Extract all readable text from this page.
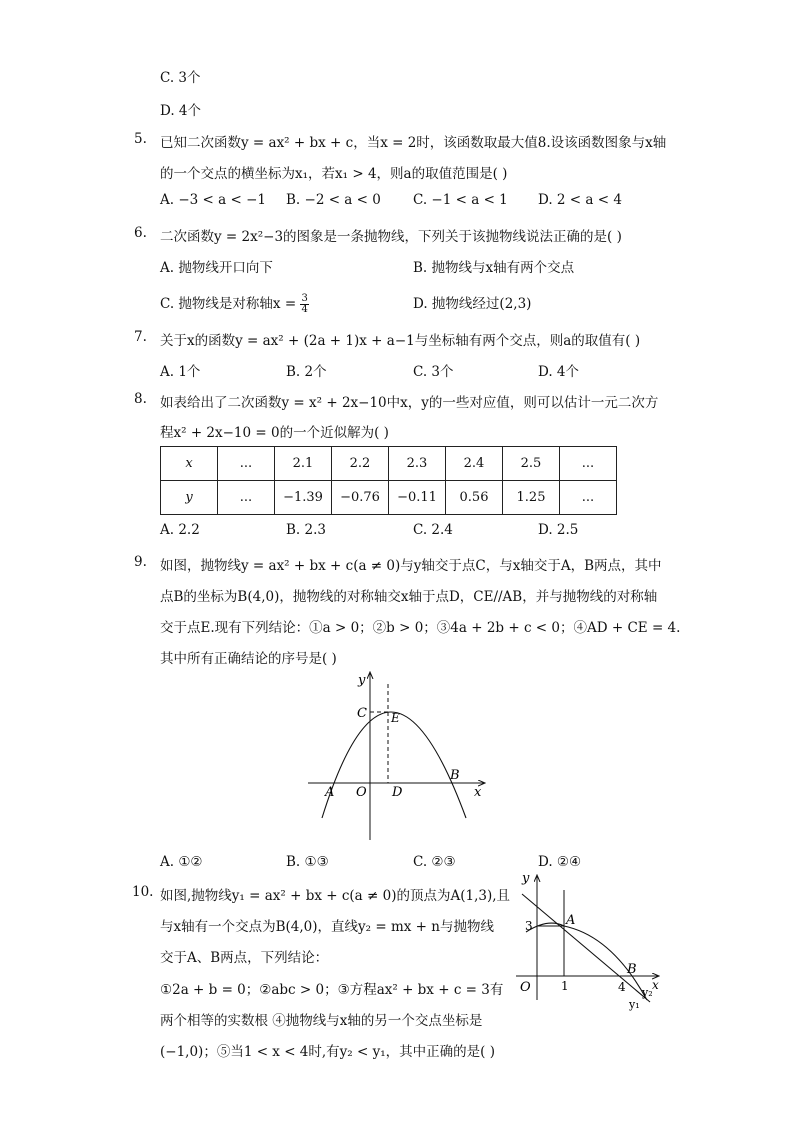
C. 3个
D. 4个
5. 已知二次函数y = ax² + bx + c，当x = 2时，该函数取最大值8.设该函数图象与x轴
的一个交点的横坐标为x₁，若x₁ > 4，则a的取值范围是( )
A. −3 < a < −1 B. −2 < a < 0 C. −1 < a < 1 D. 2 < a < 4
6. 二次函数y = 2x²−3的图象是一条抛物线，下列关于该抛物线说法正确的是( )
A. 抛物线开口向下	B. 抛物线与x轴有两个交点
C. 抛物线是对称轴$x = \frac{3}{4}$	D. 抛物线经过(2,3)
7. 关于x的函数y = ax² + (2a + 1)x + a−1与坐标轴有两个交点，则a的取值有( )
A. 1个	B. 2个	C. 3个	D. 4个
8. 如表给出了二次函数y = x² + 2x−10中x，y的一些对应值，则可以估计一元二次方
程x² + 2x−10 = 0的一个近似解为( )
x	...	2.1	2.2	2.3	2.4	2.5	...
y	...	−1.39	−0.76	−0.11	0.56	1.25	...
A. 2.2	B. 2.3	C. 2.4	D. 2.5
9. 如图，抛物线y = ax² + bx + c(a ≠ 0)与y轴交于点C，与x轴交于A，B两点，其中
点B的坐标为B(4,0)，抛物线的对称轴交x轴于点D，CE//AB，并与抛物线的对称轴
交于点E.现有下列结论：①a > 0；②b > 0；③4a + 2b + c < 0；④AD + CE = 4.
其中所有正确结论的序号是( )
y
x
C E
A O D
B
A. ①②	B. ①③	C. ②③	D. ②④
10. 如图,抛物线y₁ = ax² + bx + c(a ≠ 0)的顶点为A(1,3),且
与x轴有一个交点为B(4,0)，直线y₂ = mx + n与抛物线
交于A、B两点，下列结论：
①2a + b = 0；②abc > 0；③方程ax² + bx + c = 3有
两个相等的实数根 ④抛物线与x轴的另一个交点坐标是
(−1,0)；⑤当1 < x < 4时,有y₂ < y₁，其中正确的是( )
y
x
A
B
O
3
1	4 y₂
y₁
